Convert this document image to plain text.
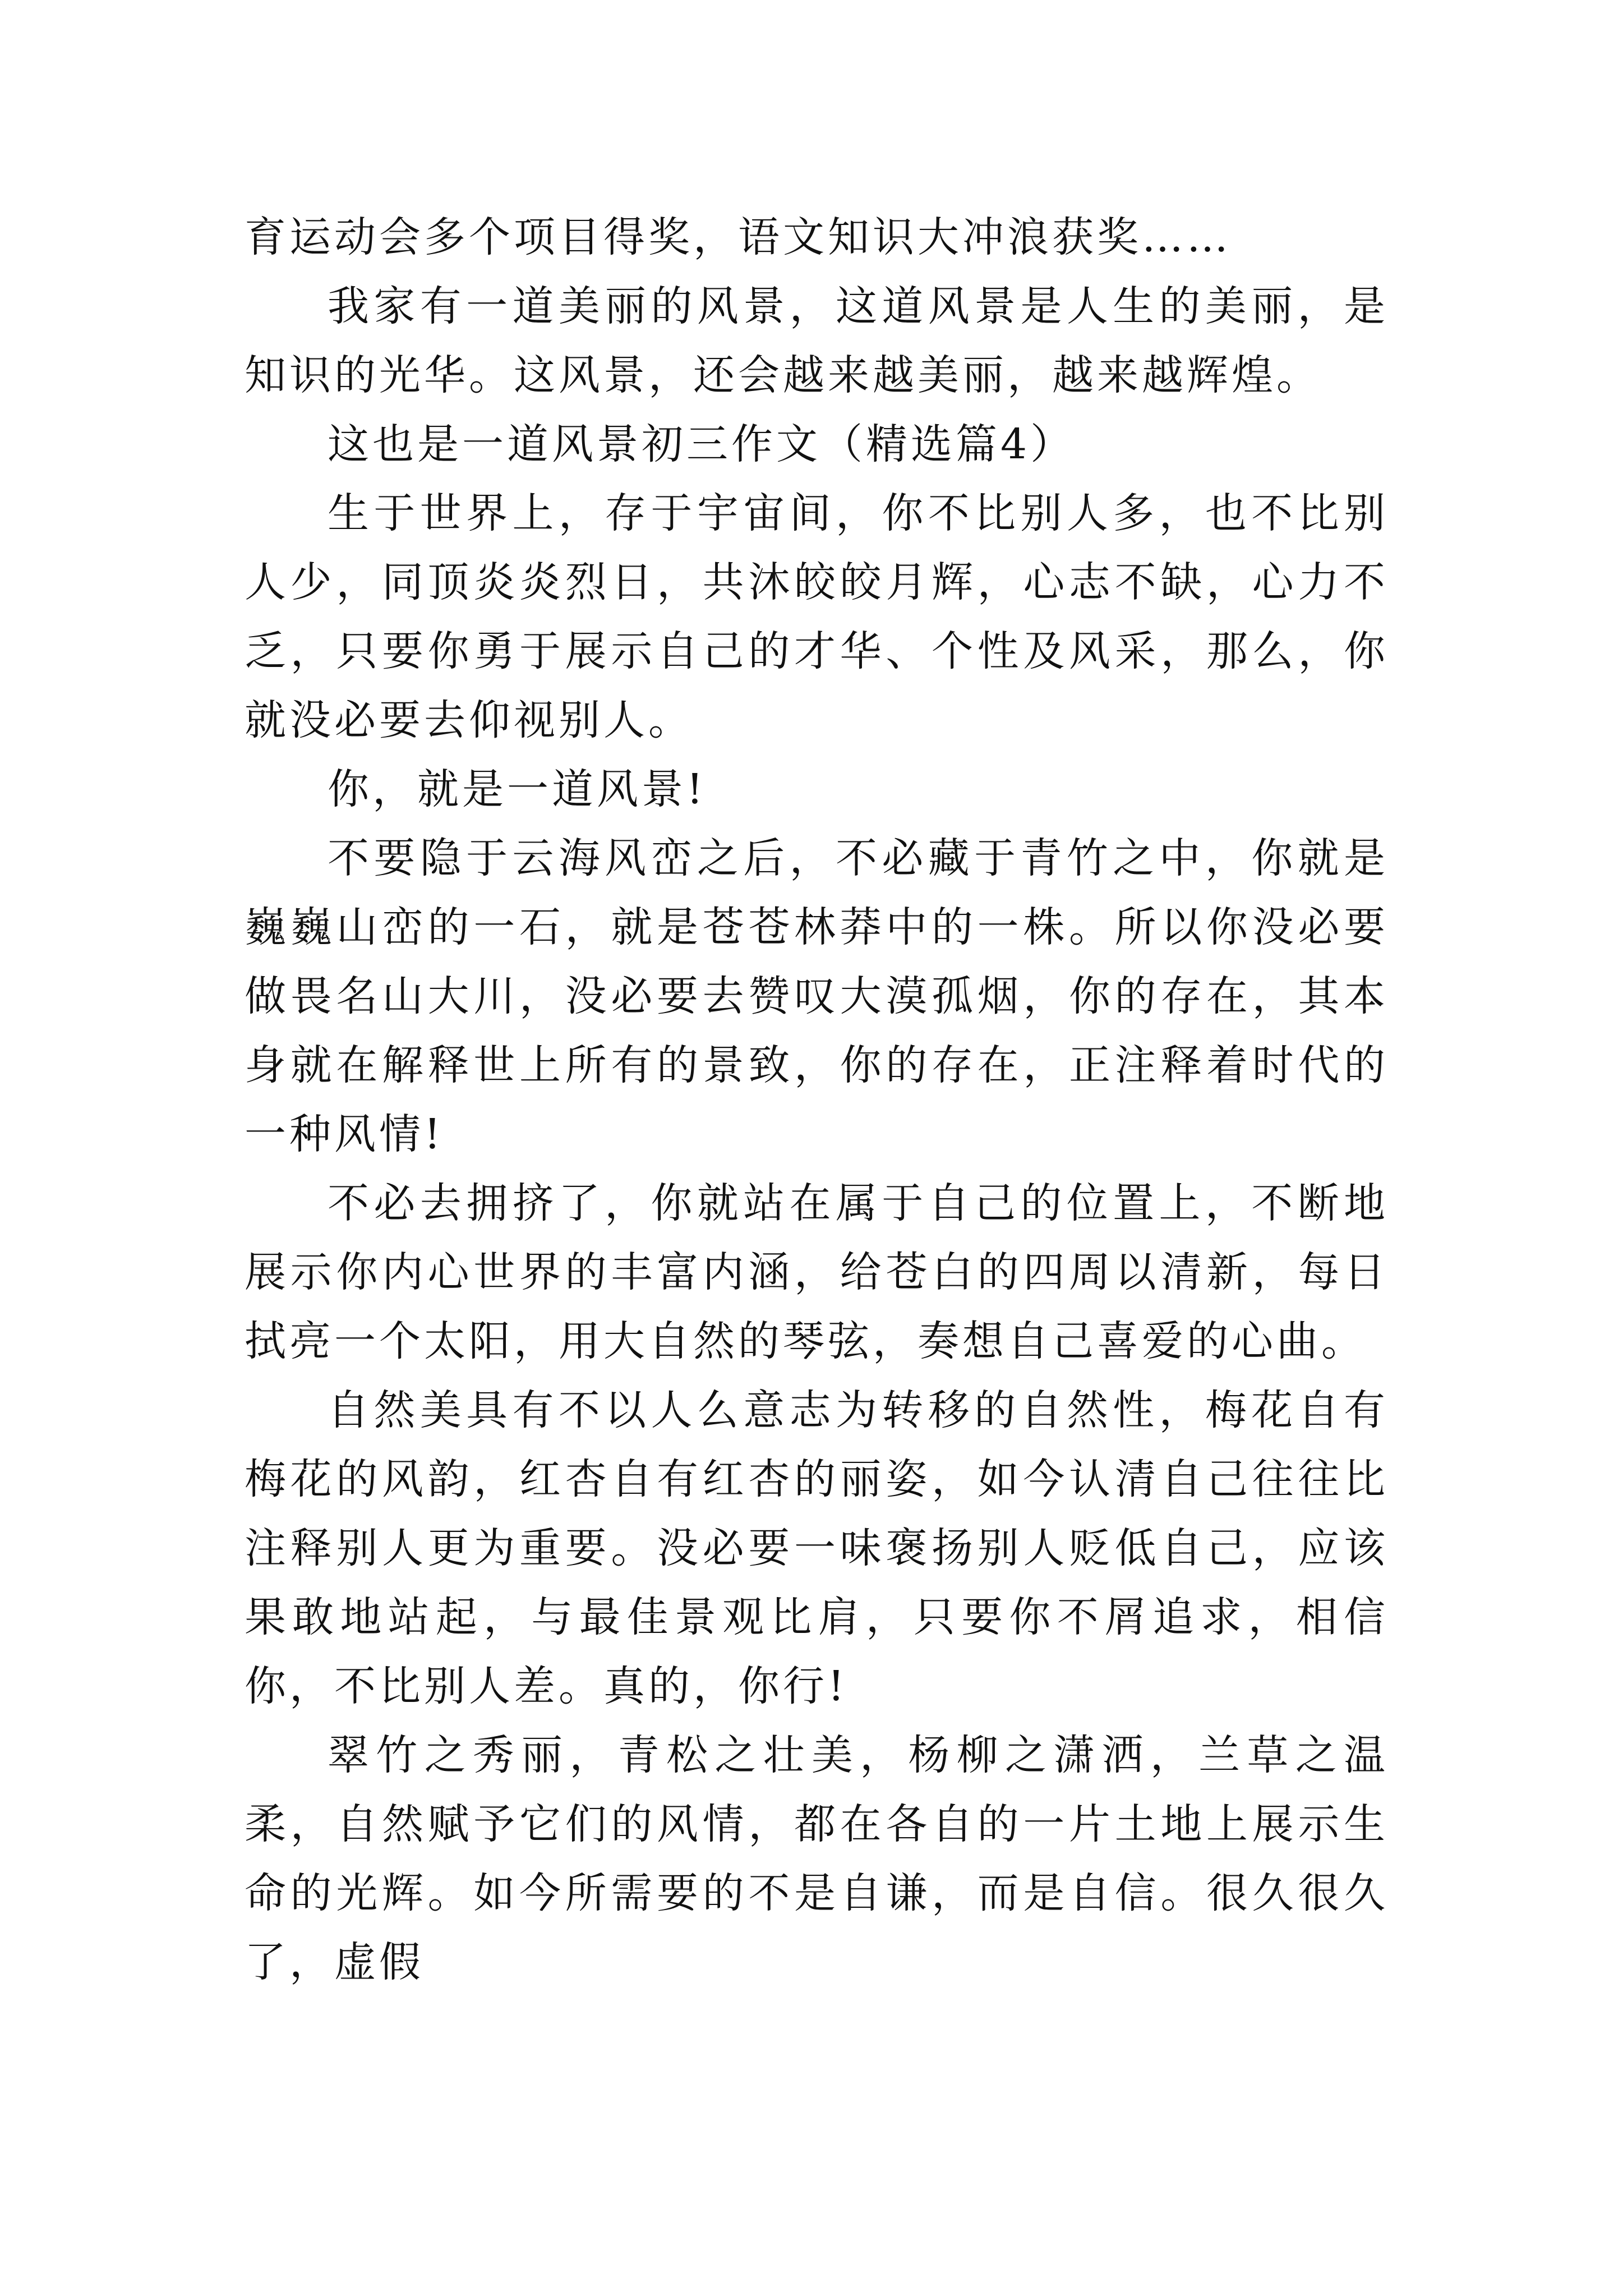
育运动会多个项目得奖，语文知识大冲浪获奖……

我家有一道美丽的风景，这道风景是人生的美丽，是知识的光华。这风景，还会越来越美丽，越来越辉煌。

这也是一道风景初三作文（精选篇4）

生于世界上，存于宇宙间，你不比别人多，也不比别人少，同顶炎炎烈日，共沐皎皎月辉，心志不缺，心力不乏，只要你勇于展示自己的才华、个性及风采，那么，你就没必要去仰视别人。

你，就是一道风景!

不要隐于云海风峦之后，不必藏于青竹之中，你就是巍巍山峦的一石，就是苍苍林莽中的一株。所以你没必要做畏名山大川，没必要去赞叹大漠孤烟，你的存在，其本身就在解释世上所有的景致，你的存在，正注释着时代的一种风情!

不必去拥挤了，你就站在属于自己的位置上，不断地展示你内心世界的丰富内涵，给苍白的四周以清新，每日拭亮一个太阳，用大自然的琴弦，奏想自己喜爱的心曲。

自然美具有不以人么意志为转移的自然性，梅花自有梅花的风韵，红杏自有红杏的丽姿，如今认清自己往往比注释别人更为重要。没必要一味褒扬别人贬低自己，应该果敢地站起，与最佳景观比肩，只要你不屑追求，相信你，不比别人差。真的，你行!

翠竹之秀丽，青松之壮美，杨柳之潇洒，兰草之温柔，自然赋予它们的风情，都在各自的一片土地上展示生命的光辉。如今所需要的不是自谦，而是自信。很久很久了，虚假
